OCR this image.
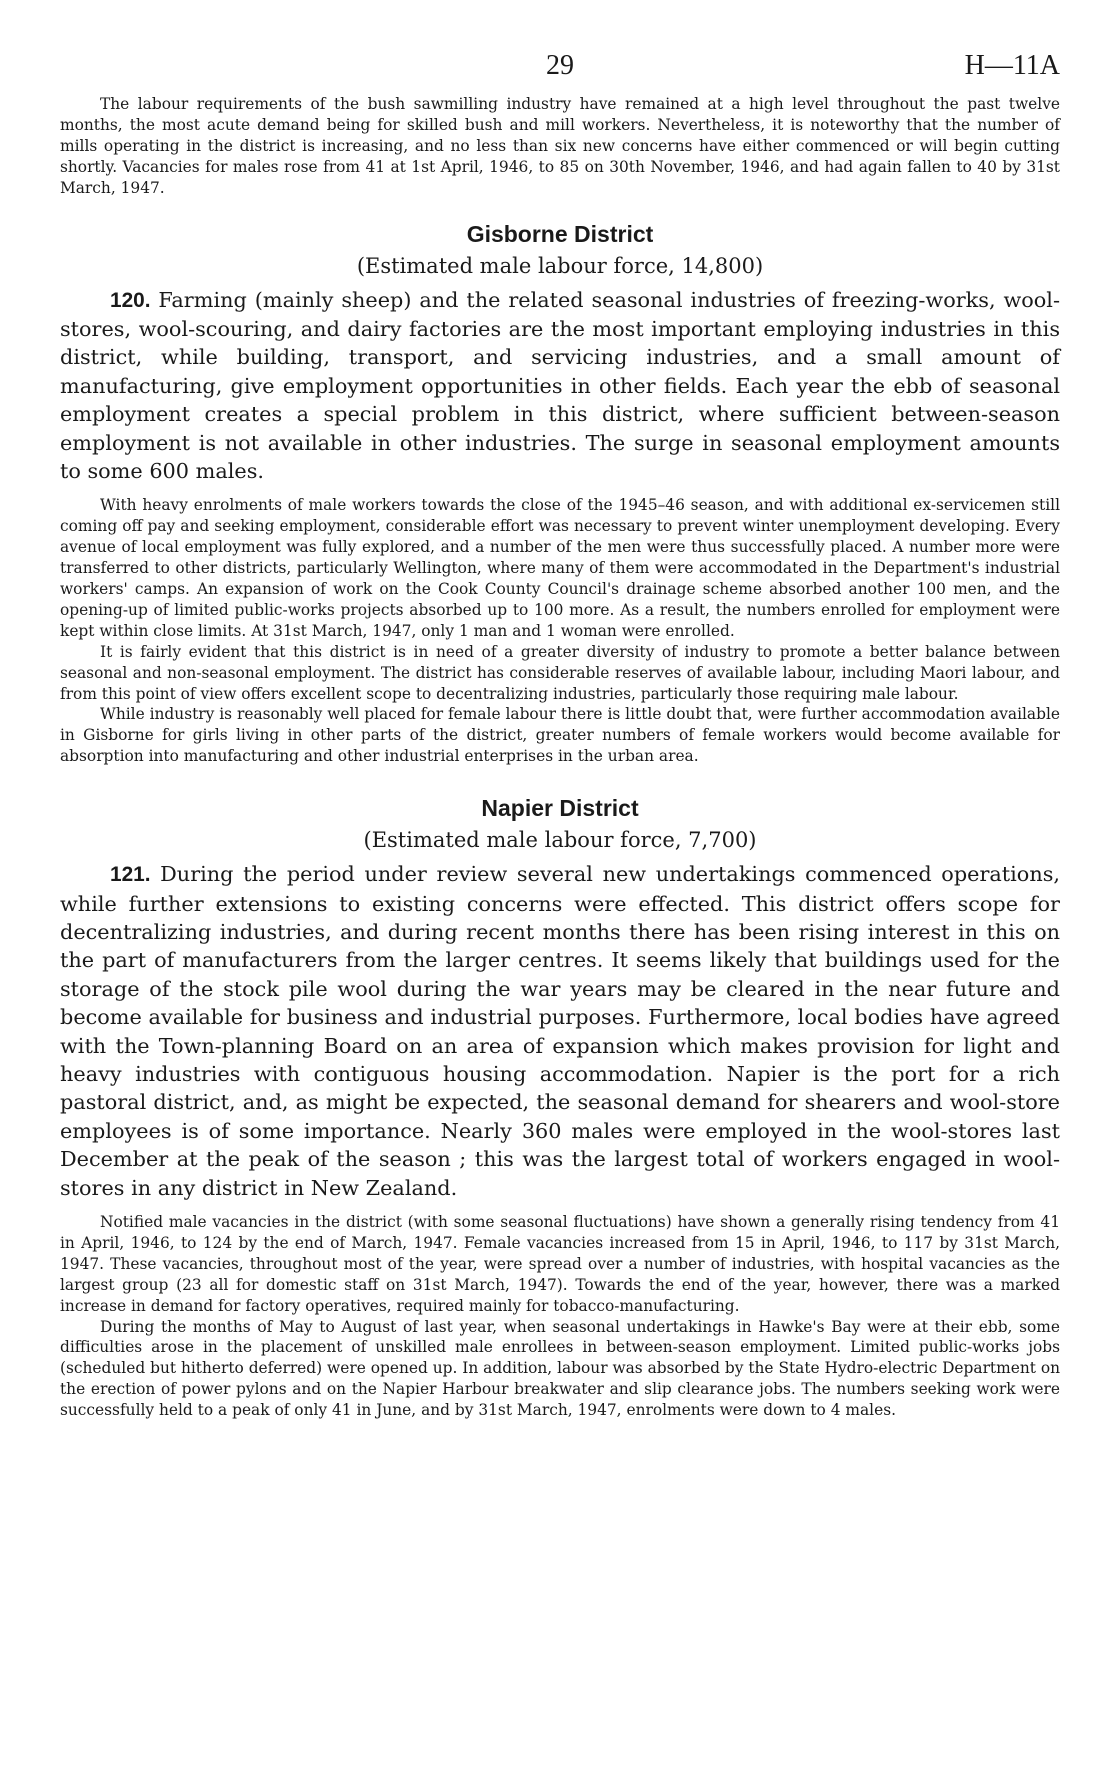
29	H—11A

The labour requirements of the bush sawmilling industry have remained at a high level throughout the past twelve months, the most acute demand being for skilled bush and mill workers. Nevertheless, it is noteworthy that the number of mills operating in the district is increasing, and no less than six new concerns have either commenced or will begin cutting shortly. Vacancies for males rose from 41 at 1st April, 1946, to 85 on 30th November, 1946, and had again fallen to 40 by 31st March, 1947.

Gisborne District
(Estimated male labour force, 14,800)

120. Farming (mainly sheep) and the related seasonal industries of freezing-works, wool-stores, wool-scouring, and dairy factories are the most important employing industries in this district, while building, transport, and servicing industries, and a small amount of manufacturing, give employment opportunities in other fields. Each year the ebb of seasonal employment creates a special problem in this district, where sufficient between-season employment is not available in other industries. The surge in seasonal employment amounts to some 600 males.

With heavy enrolments of male workers towards the close of the 1945–46 season, and with additional ex-servicemen still coming off pay and seeking employment, considerable effort was necessary to prevent winter unemployment developing. Every avenue of local employment was fully explored, and a number of the men were thus successfully placed. A number more were transferred to other districts, particularly Wellington, where many of them were accommodated in the Department's industrial workers' camps. An expansion of work on the Cook County Council's drainage scheme absorbed another 100 men, and the opening-up of limited public-works projects absorbed up to 100 more. As a result, the numbers enrolled for employment were kept within close limits. At 31st March, 1947, only 1 man and 1 woman were enrolled.

It is fairly evident that this district is in need of a greater diversity of industry to promote a better balance between seasonal and non-seasonal employment. The district has considerable reserves of available labour, including Maori labour, and from this point of view offers excellent scope to decentralizing industries, particularly those requiring male labour.

While industry is reasonably well placed for female labour there is little doubt that, were further accommodation available in Gisborne for girls living in other parts of the district, greater numbers of female workers would become available for absorption into manufacturing and other industrial enterprises in the urban area.

Napier District
(Estimated male labour force, 7,700)

121. During the period under review several new undertakings commenced operations, while further extensions to existing concerns were effected. This district offers scope for decentralizing industries, and during recent months there has been rising interest in this on the part of manufacturers from the larger centres. It seems likely that buildings used for the storage of the stock pile wool during the war years may be cleared in the near future and become available for business and industrial purposes. Furthermore, local bodies have agreed with the Town-planning Board on an area of expansion which makes provision for light and heavy industries with contiguous housing accommodation. Napier is the port for a rich pastoral district, and, as might be expected, the seasonal demand for shearers and wool-store employees is of some importance. Nearly 360 males were employed in the wool-stores last December at the peak of the season ; this was the largest total of workers engaged in wool-stores in any district in New Zealand.

Notified male vacancies in the district (with some seasonal fluctuations) have shown a generally rising tendency from 41 in April, 1946, to 124 by the end of March, 1947. Female vacancies increased from 15 in April, 1946, to 117 by 31st March, 1947. These vacancies, throughout most of the year, were spread over a number of industries, with hospital vacancies as the largest group (23 all for domestic staff on 31st March, 1947). Towards the end of the year, however, there was a marked increase in demand for factory operatives, required mainly for tobacco-manufacturing.

During the months of May to August of last year, when seasonal undertakings in Hawke's Bay were at their ebb, some difficulties arose in the placement of unskilled male enrollees in between-season employment. Limited public-works jobs (scheduled but hitherto deferred) were opened up. In addition, labour was absorbed by the State Hydro-electric Department on the erection of power pylons and on the Napier Harbour breakwater and slip clearance jobs. The numbers seeking work were successfully held to a peak of only 41 in June, and by 31st March, 1947, enrolments were down to 4 males.
